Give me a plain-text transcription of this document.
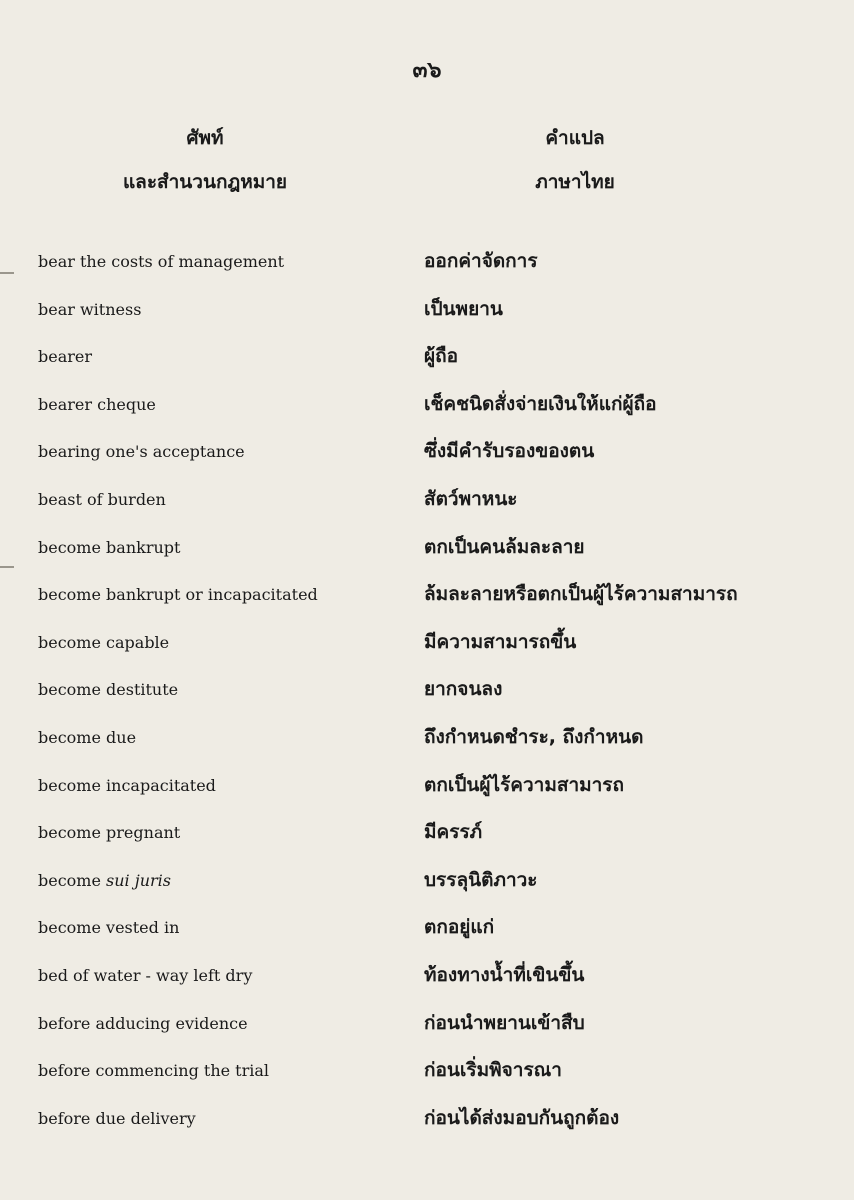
๓๖
ศัพท์
และสำนวนกฎหมาย
คำแปล
ภาษาไทย
bear the costs of management	ออกค่าจัดการ
bear witness	เป็นพยาน
bearer	ผู้ถือ
bearer cheque	เช็คชนิดสั่งจ่ายเงินให้แก่ผู้ถือ
bearing one's acceptance	ซึ่งมีคำรับรองของตน
beast of burden	สัตว์พาหนะ
become bankrupt	ตกเป็นคนล้มละลาย
become bankrupt or incapacitated	ล้มละลายหรือตกเป็นผู้ไร้ความสามารถ
become capable	มีความสามารถขึ้น
become destitute	ยากจนลง
become due	ถึงกำหนดชำระ, ถึงกำหนด
become incapacitated	ตกเป็นผู้ไร้ความสามารถ
become pregnant	มีครรภ์
become sui juris	บรรลุนิติภาวะ
become vested in	ตกอยู่แก่
bed of water - way left dry	ท้องทางน้ำที่เขินขึ้น
before adducing evidence	ก่อนนำพยานเข้าสืบ
before commencing the trial	ก่อนเริ่มพิจารณา
before due delivery	ก่อนได้ส่งมอบกันถูกต้อง
